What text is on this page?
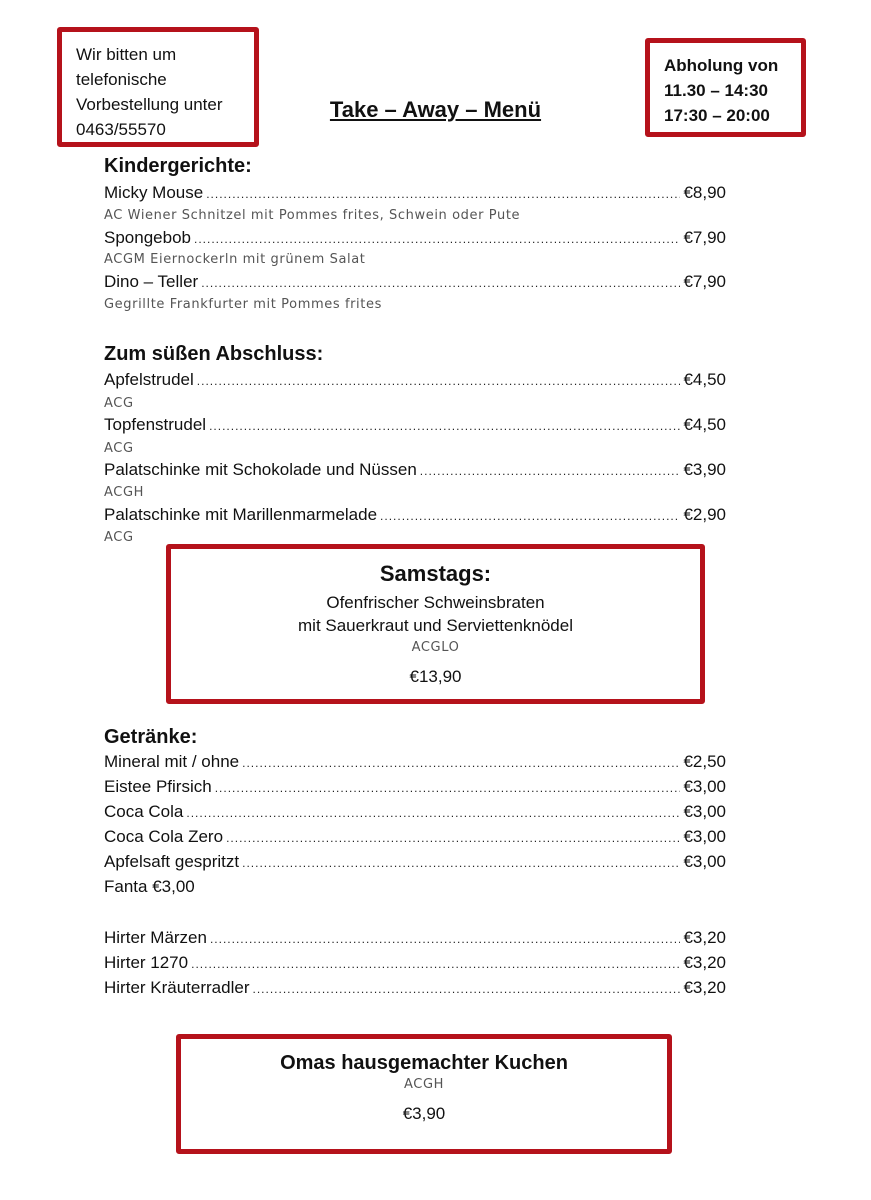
Wir bitten um
telefonische
Vorbestellung unter
0463/55570
Abholung von
11.30 – 14:30
17:30 – 20:00
Take – Away – Menü
Kindergerichte:
Micky Mouse .....	€8,90
AC Wiener Schnitzel mit Pommes frites, Schwein oder Pute
Spongebob .....	€7,90
ACGM Eiernockerln mit grünem Salat
Dino – Teller .....	€7,90
Gegrillte Frankfurter mit Pommes frites
Zum süßen Abschluss:
Apfelstrudel .....	€4,50
ACG
Topfenstrudel .....	€4,50
ACG
Palatschinke mit Schokolade und Nüssen .....	€3,90
ACGH
Palatschinke mit Marillenmarmelade .....	€2,90
ACG
Samstags:
Ofenfrischer Schweinsbraten
mit Sauerkraut und Serviettenknödel
ACGLO
€13,90
Getränke:
Mineral mit / ohne .....	€2,50
Eistee Pfirsich .....	€3,00
Coca Cola .....	€3,00
Coca Cola Zero .....	€3,00
Apfelsaft gespritzt .....	€3,00
Fanta €3,00
Hirter Märzen .....	€3,20
Hirter 1270 .....	€3,20
Hirter Kräuterradler .....	€3,20
Omas hausgemachter Kuchen
ACGH
€3,90
